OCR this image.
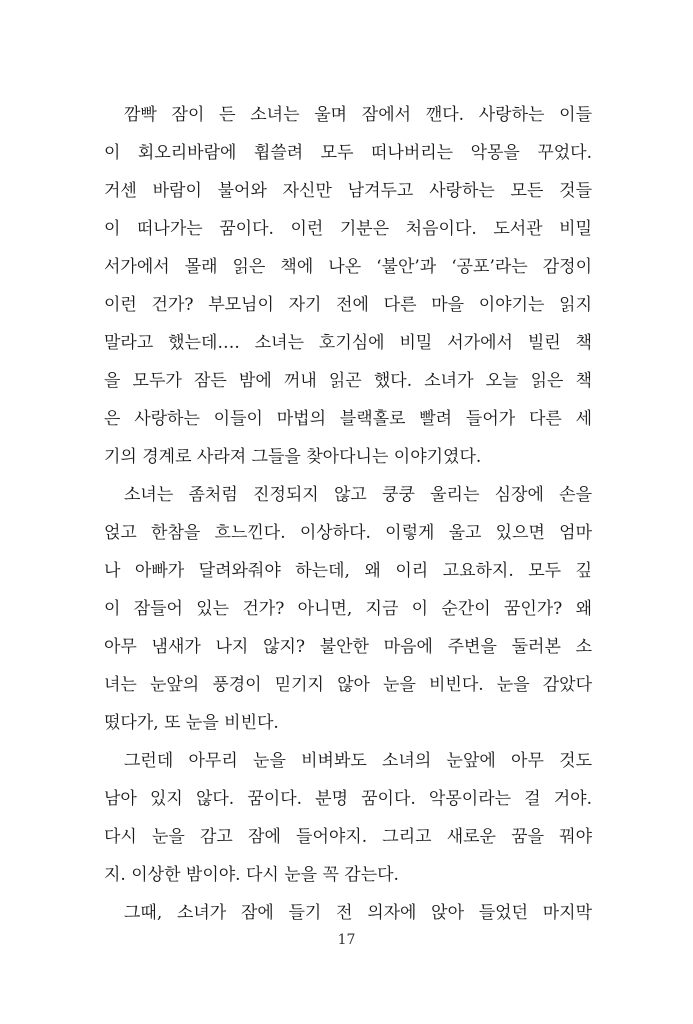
깜빡 잠이 든 소녀는 울며 잠에서 깬다. 사랑하는 이들
이 회오리바람에 휩쓸려 모두 떠나버리는 악몽을 꾸었다.
거센 바람이 불어와 자신만 남겨두고 사랑하는 모든 것들
이 떠나가는 꿈이다. 이런 기분은 처음이다. 도서관 비밀
서가에서 몰래 읽은 책에 나온 ‘불안’과 ‘공포’라는 감정이
이런 건가? 부모님이 자기 전에 다른 마을 이야기는 읽지
말라고 했는데…. 소녀는 호기심에 비밀 서가에서 빌린 책
을 모두가 잠든 밤에 꺼내 읽곤 했다. 소녀가 오늘 읽은 책
은 사랑하는 이들이 마법의 블랙홀로 빨려 들어가 다른 세
기의 경계로 사라져 그들을 찾아다니는 이야기였다.
소녀는 좀처럼 진정되지 않고 쿵쿵 울리는 심장에 손을
얹고 한참을 흐느낀다. 이상하다. 이렇게 울고 있으면 엄마
나 아빠가 달려와줘야 하는데, 왜 이리 고요하지. 모두 깊
이 잠들어 있는 건가? 아니면, 지금 이 순간이 꿈인가? 왜
아무 냄새가 나지 않지? 불안한 마음에 주변을 둘러본 소
녀는 눈앞의 풍경이 믿기지 않아 눈을 비빈다. 눈을 감았다
떴다가, 또 눈을 비빈다.
그런데 아무리 눈을 비벼봐도 소녀의 눈앞에 아무 것도
남아 있지 않다. 꿈이다. 분명 꿈이다. 악몽이라는 걸 거야.
다시 눈을 감고 잠에 들어야지. 그리고 새로운 꿈을 꿔야
지. 이상한 밤이야. 다시 눈을 꼭 감는다.
그때, 소녀가 잠에 들기 전 의자에 앉아 들었던 마지막
17
